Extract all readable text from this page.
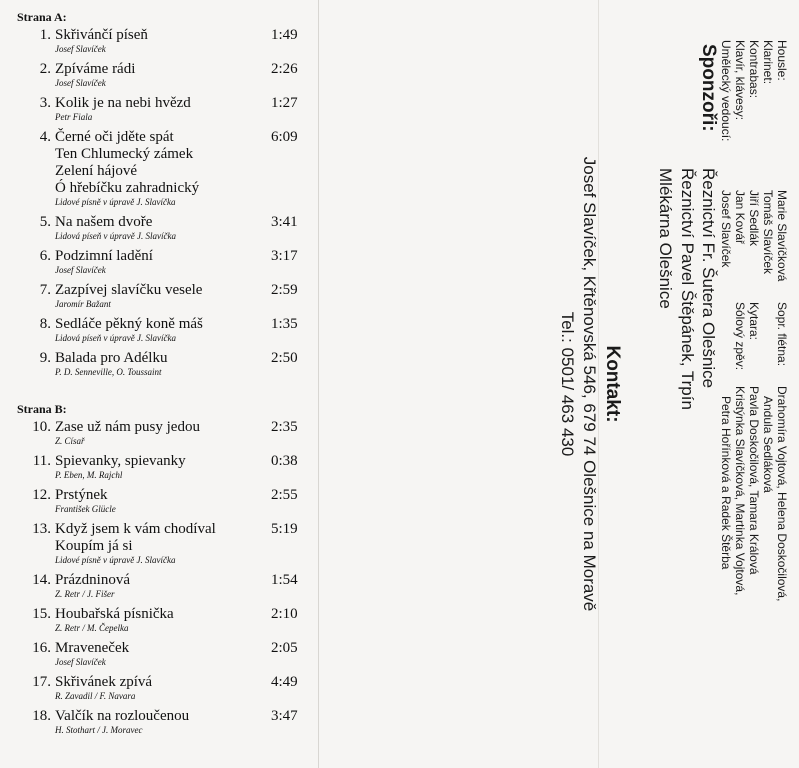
Strana A:
Strana B:
1. Skřivánčí píseň
Josef Slavíček
1:49
2. Zpíváme rádi
Josef Slavíček
2:26
3. Kolik je na nebi hvězd
Petr Fiala
1:27
4. Černé oči jděte spát
Ten Chlumecký zámek
Zelení hájové
Ó hřebíčku zahradnický
Lidové písně v úpravě J. Slavíčka
6:09
5. Na našem dvoře
Lidová píseň v úpravě J. Slavíčka
3:41
6. Podzimní ladění
Josef Slavíček
3:17
7. Zazpívej slavíčku vesele
Jaromír Bažant
2:59
8. Sedláče pěkný koně máš
Lidová píseň v úpravě J. Slavíčka
1:35
9. Balada pro Adélku
P. D. Senneville, O. Toussaint
2:50
10. Zase už nám pusy jedou
Z. Císař
2:35
11. Spievanky, spievanky
P. Eben, M. Rajchl
0:38
12. Prstýnek
František Glücle
2:55
13. Když jsem k vám chodíval
Koupím já si
Lidové písně v úpravě J. Slavíčka
5:19
14. Prázdninová
Z. Retr / J. Fišer
1:54
15. Houbařská písnička
Z. Retr / M. Čepelka
2:10
16. Mraveneček
Josef Slavíček
2:05
17. Skřivánek zpívá
R. Zavadil / F. Navara
4:49
18. Valčík na rozloučenou
H. Stothart / J. Moravec
3:47
Housle:
Marie Slavíčková
Klarinet:
Tomáš Slavíček
Kontrabas:
Jiří Sedlák
Klavír, klávesy:
Jan Kovář
Umělecký vedoucí:
Josef Slavíček
Sopr. flétna:
Drahomíra Vojtová, Helena Doskočilová,
Andula Sedláková
Kytara:
Pavla Doskočilová, Tamara Králová
Sólový zpěv:
Kristýnka Slavíčková, Martinka Vojtová,
Petra Hořínková a Radek Štěrba
Sponzoři:
Řeznictví Fr. Šutera Olešnice
Řeznictví Pavel Štěpánek, Trpín
Mlékárna Olešnice
Kontakt:
Josef Slavíček, Křtěnovská 546, 679 74 Olešnice na Moravě
Tel.: 0501/ 463 430
